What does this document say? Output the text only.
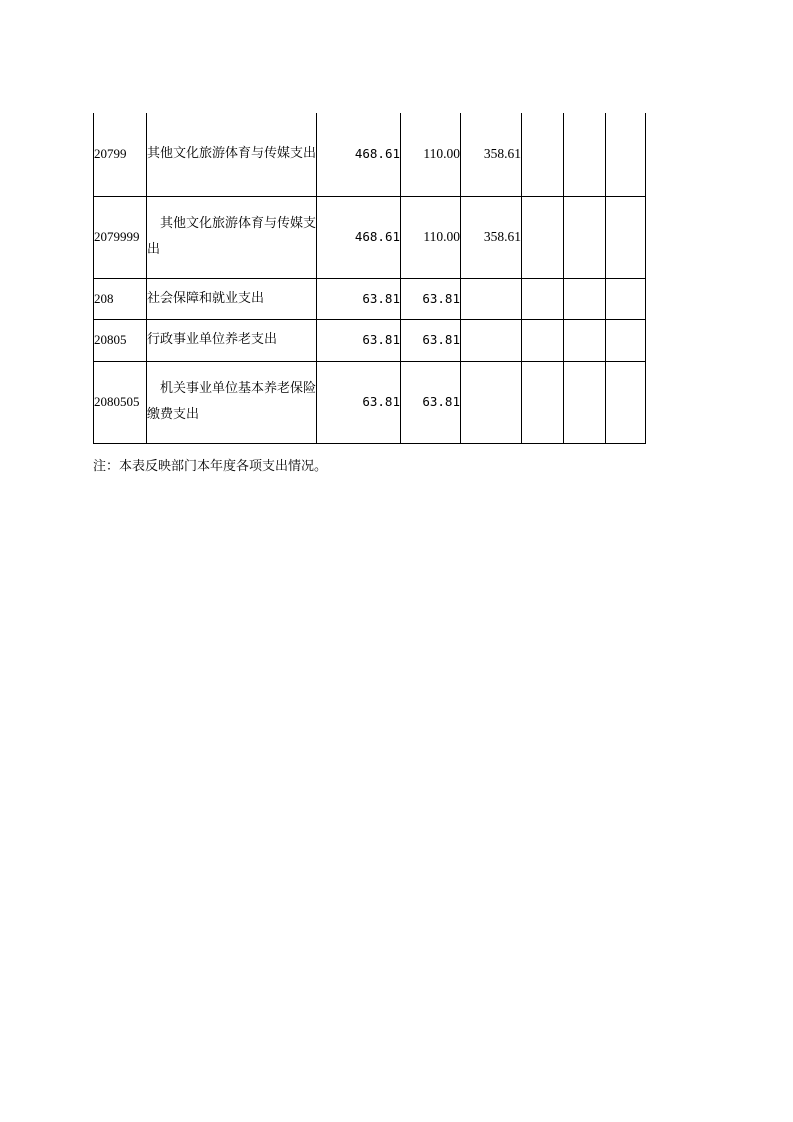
20799	其他文化旅游体育与传媒支出	468.61	110.00	358.61			
2079999	其他文化旅游体育与传媒支出	468.61	110.00	358.61			
208	社会保障和就业支出	63.81	63.81				
20805	行政事业单位养老支出	63.81	63.81				
2080505	机关事业单位基本养老保险缴费支出	63.81	63.81				
注：本表反映部门本年度各项支出情况。
